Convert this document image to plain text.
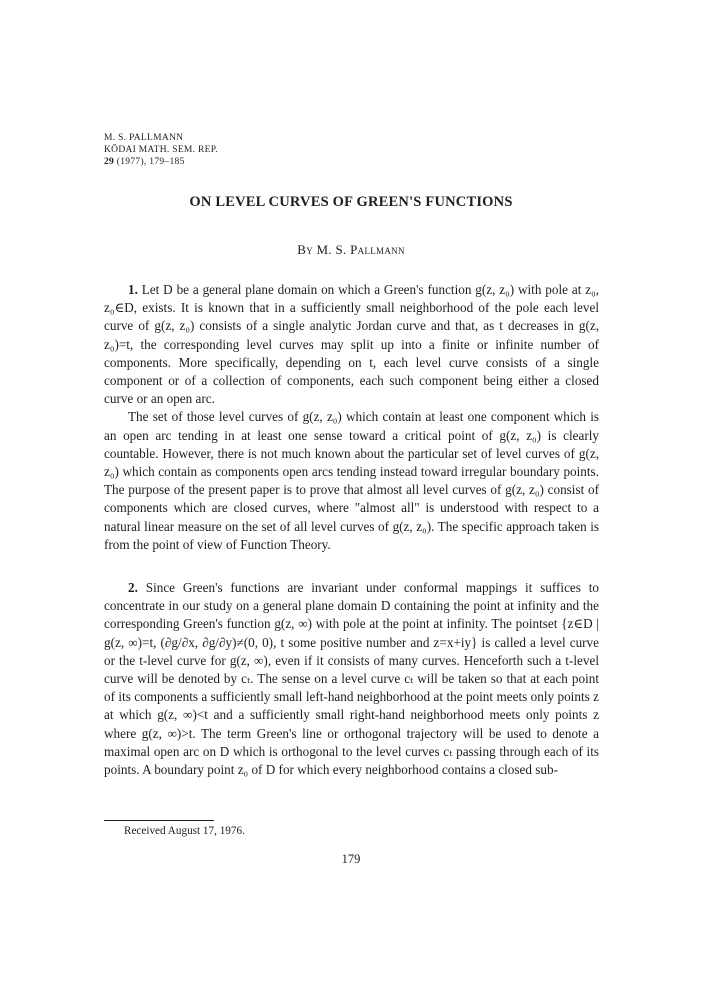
M. S. PALLMANN
KŌDAI MATH. SEM. REP.
29 (1977), 179–185
ON LEVEL CURVES OF GREEN'S FUNCTIONS
By M. S. Pallmann

1. Let D be a general plane domain on which a Green's function g(z, z₀) with pole at z₀, z₀∈D, exists. It is known that in a sufficiently small neighborhood of the pole each level curve of g(z, z₀) consists of a single analytic Jordan curve and that, as t decreases in g(z, z₀)=t, the corresponding level curves may split up into a finite or infinite number of components. More specifically, depending on t, each level curve consists of a single component or of a collection of components, each such component being either a closed curve or an open arc.

The set of those level curves of g(z, z₀) which contain at least one component which is an open arc tending in at least one sense toward a critical point of g(z, z₀) is clearly countable. However, there is not much known about the particular set of level curves of g(z, z₀) which contain as components open arcs tending instead toward irregular boundary points. The purpose of the present paper is to prove that almost all level curves of g(z, z₀) consist of components which are closed curves, where "almost all" is understood with respect to a natural linear measure on the set of all level curves of g(z, z₀). The specific approach taken is from the point of view of Function Theory.

2. Since Green's functions are invariant under conformal mappings it suffices to concentrate in our study on a general plane domain D containing the point at infinity and the corresponding Green's function g(z, ∞) with pole at the point at infinity. The pointset {z∈D | g(z, ∞)=t, (∂g/∂x, ∂g/∂y)≠(0, 0), t some positive number and z=x+iy} is called a level curve or the t-level curve for g(z, ∞), even if it consists of many curves. Henceforth such a t-level curve will be denoted by cₜ. The sense on a level curve cₜ will be taken so that at each point of its components a sufficiently small left-hand neighborhood at the point meets only points z at which g(z, ∞)<t and a sufficiently small right-hand neighborhood meets only points z where g(z, ∞)>t. The term Green's line or orthogonal trajectory will be used to denote a maximal open arc on D which is orthogonal to the level curves cₜ passing through each of its points. A boundary point z₀ of D for which every neighborhood contains a closed sub-

Received August 17, 1976.
179
